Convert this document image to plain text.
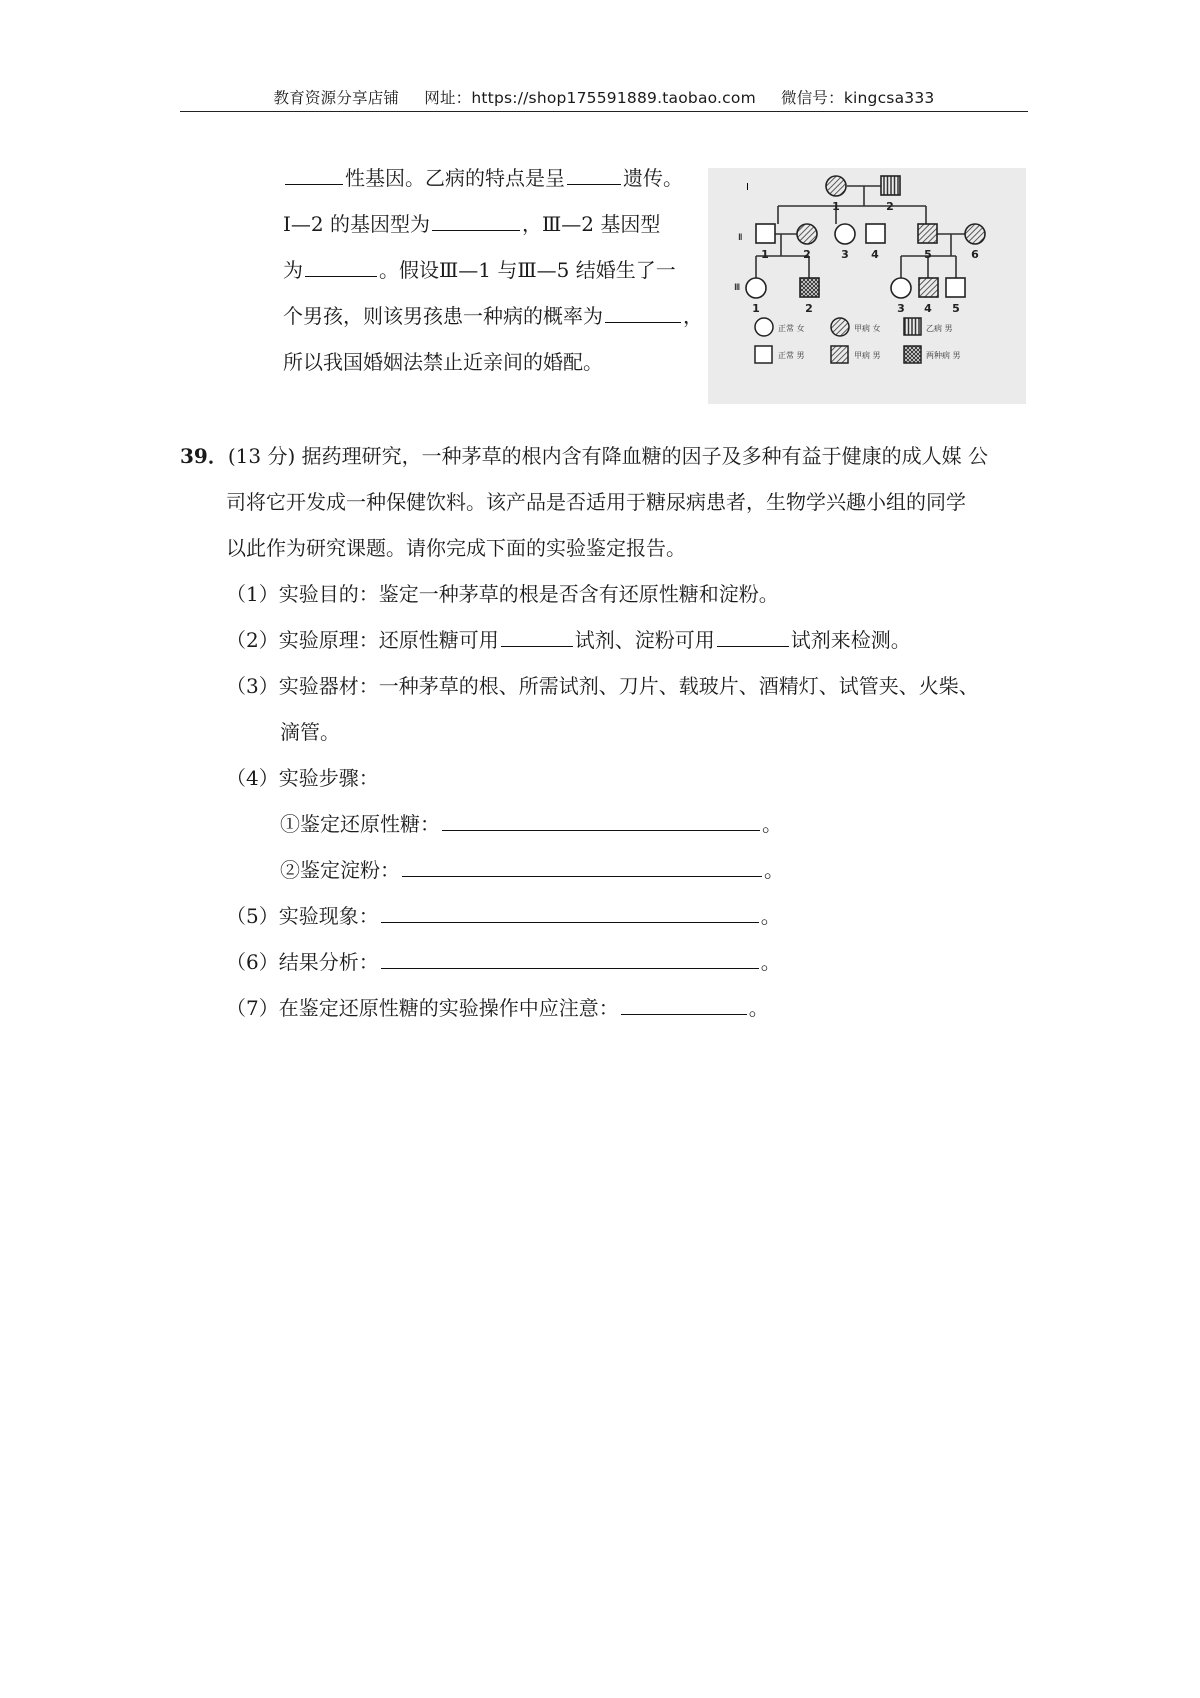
教育资源分享店铺 网址：https://shop175591889.taobao.com 微信号：kingcsa333
性基因。乙病的特点是呈	遗传。
Ⅰ—2 的基因型为	，Ⅲ—2 基因型
为	。假设Ⅲ—1 与Ⅲ—5 结婚生了一
个男孩，则该男孩患一种病的概率为	，
所以我国婚姻法禁止近亲间的婚配。
Ⅰ
Ⅱ
Ⅲ
1	2
1	2	3 4	5	6
1	2	3 4 5
正常 女	甲病 女	乙病 男
正常 男	甲病 男	两种病 男
39．(13 分) 据药理研究，一种茅草的根内含有降血糖的因子及多种有益于健康的成人媒 公
司将它开发成一种保健饮料。该产品是否适用于糖尿病患者，生物学兴趣小组的同学
以此作为研究课题。请你完成下面的实验鉴定报告。
（1）实验目的：鉴定一种茅草的根是否含有还原性糖和淀粉。
（2）实验原理：还原性糖可用	试剂、淀粉可用	试剂来检测。
（3）实验器材：一种茅草的根、所需试剂、刀片、载玻片、酒精灯、试管夹、火柴、
滴管。
（4）实验步骤：
①鉴定还原性糖：	。
②鉴定淀粉：	。
（5）实验现象：	。
（6）结果分析：	。
（7）在鉴定还原性糖的实验操作中应注意：	。
